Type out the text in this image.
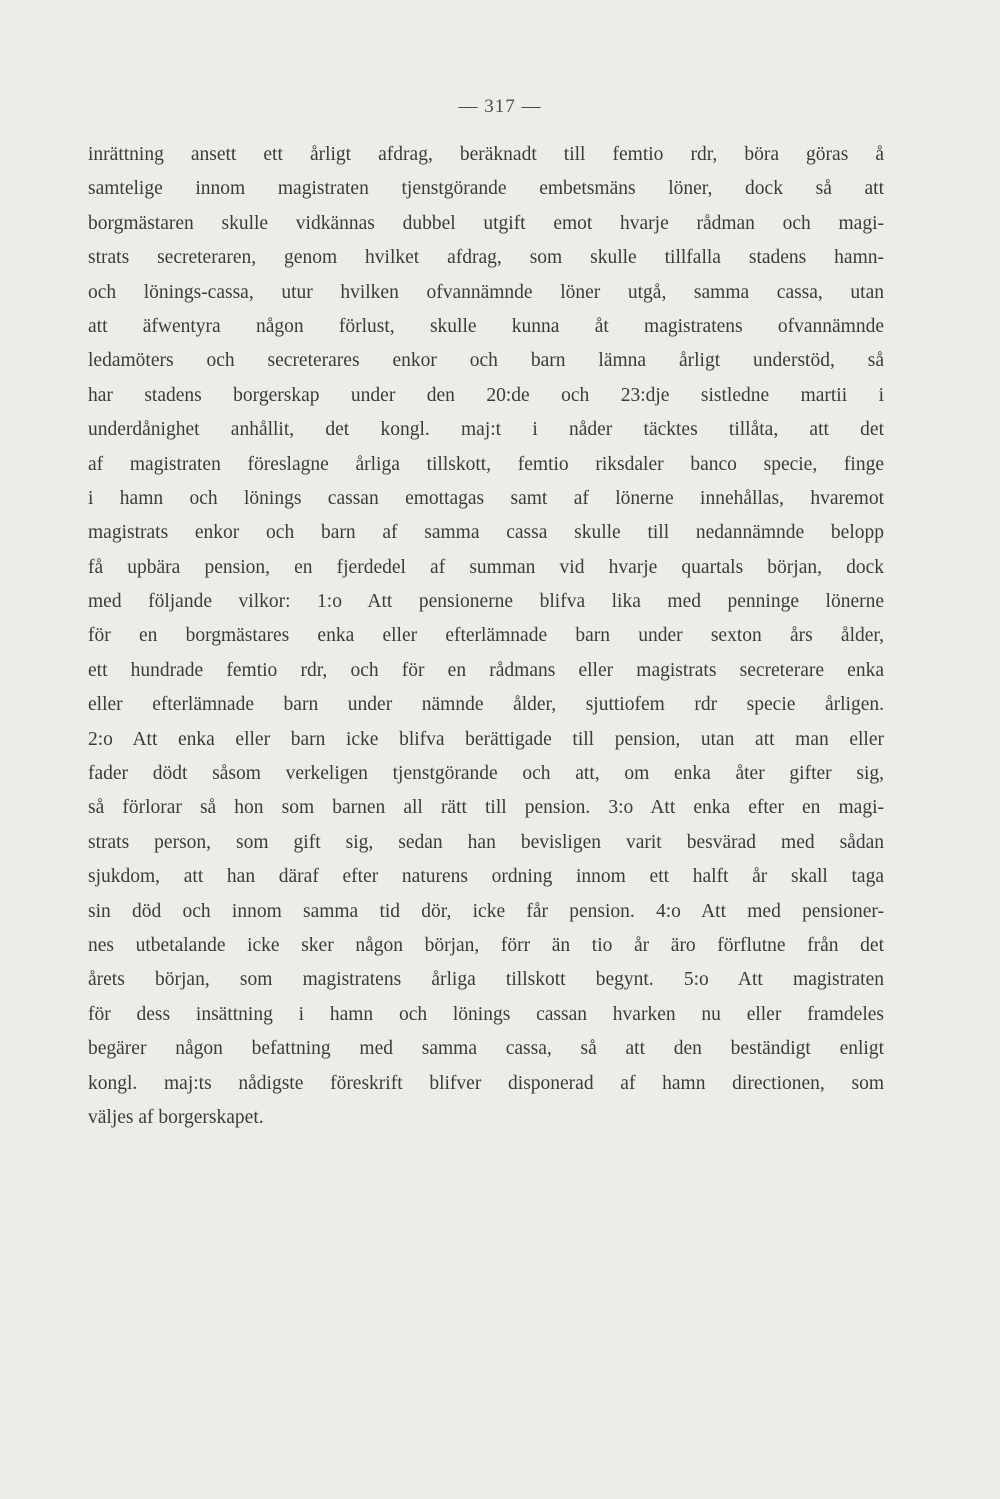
— 317 —
inrättning ansett ett årligt afdrag, beräknadt till femtio rdr, böra göras å
samtelige innom magistraten tjenstgörande embetsmäns löner, dock så att
borgmästaren skulle vidkännas dubbel utgift emot hvarje rådman och magi-
strats secreteraren, genom hvilket afdrag, som skulle tillfalla stadens hamn-
och lönings-cassa, utur hvilken ofvannämnde löner utgå, samma cassa, utan
att äfwentyra någon förlust, skulle kunna åt magistratens ofvannämnde
ledamöters och secreterares enkor och barn lämna årligt understöd, så
har stadens borgerskap under den 20:de och 23:dje sistledne martii i
underdånighet anhållit, det kongl. maj:t i nåder täcktes tillåta, att det
af magistraten föreslagne årliga tillskott, femtio riksdaler banco specie, finge
i hamn och lönings cassan emottagas samt af lönerne innehållas, hvaremot
magistrats enkor och barn af samma cassa skulle till nedannämnde belopp
få upbära pension, en fjerdedel af summan vid hvarje quartals början, dock
med följande vilkor: 1:o Att pensionerne blifva lika med penninge lönerne
för en borgmästares enka eller efterlämnade barn under sexton års ålder,
ett hundrade femtio rdr, och för en rådmans eller magistrats secreterare enka
eller efterlämnade barn under nämnde ålder, sjuttiofem rdr specie årligen.
2:o Att enka eller barn icke blifva berättigade till pension, utan att man eller
fader dödt såsom verkeligen tjenstgörande och att, om enka åter gifter sig,
så förlorar så hon som barnen all rätt till pension. 3:o Att enka efter en magi-
strats person, som gift sig, sedan han bevisligen varit besvärad med sådan
sjukdom, att han däraf efter naturens ordning innom ett halft år skall taga
sin död och innom samma tid dör, icke får pension. 4:o Att med pensioner-
nes utbetalande icke sker någon början, förr än tio år äro förflutne från det
årets början, som magistratens årliga tillskott begynt. 5:o Att magistraten
för dess insättning i hamn och lönings cassan hvarken nu eller framdeles
begärer någon befattning med samma cassa, så att den beständigt enligt
kongl. maj:ts nådigste föreskrift blifver disponerad af hamn directionen, som
väljes af borgerskapet.
